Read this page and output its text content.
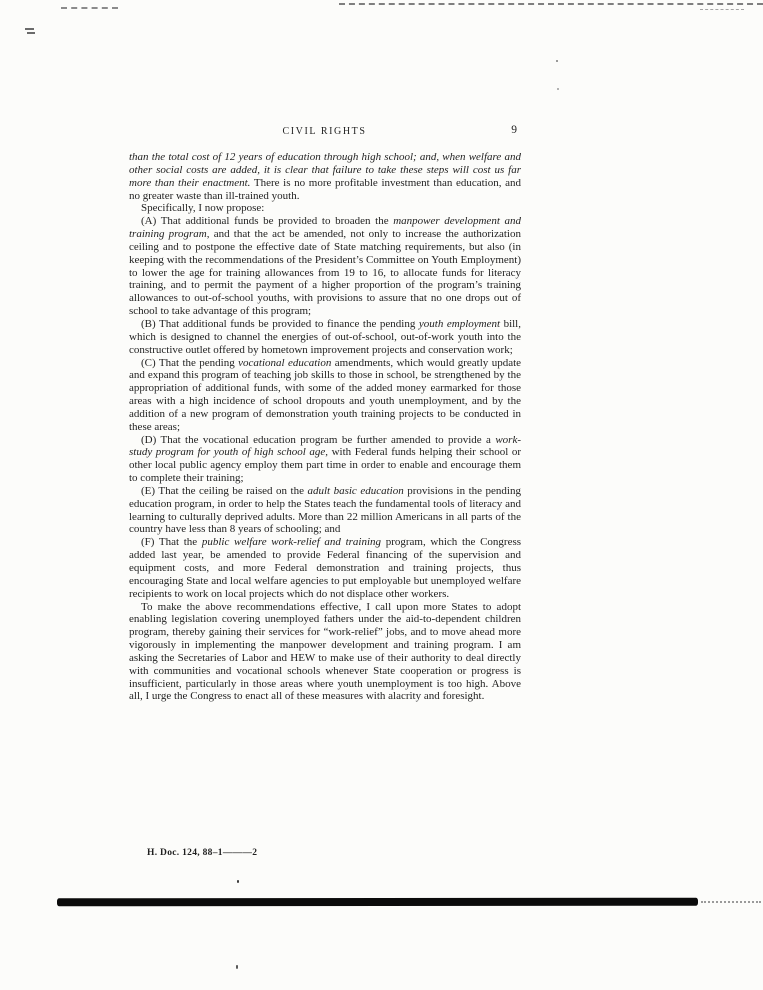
CIVIL RIGHTS	9

than the total cost of 12 years of education through high school; and, when welfare and other social costs are added, it is clear that failure to take these steps will cost us far more than their enactment. There is no more profitable investment than education, and no greater waste than ill-trained youth.

Specifically, I now propose:

(A) That additional funds be provided to broaden the manpower development and training program, and that the act be amended, not only to increase the authorization ceiling and to postpone the effective date of State matching requirements, but also (in keeping with the recommendations of the President’s Committee on Youth Employment) to lower the age for training allowances from 19 to 16, to allocate funds for literacy training, and to permit the payment of a higher proportion of the program’s training allowances to out-of-school youths, with provisions to assure that no one drops out of school to take advantage of this program;

(B) That additional funds be provided to finance the pending youth employment bill, which is designed to channel the energies of out-of-school, out-of-work youth into the constructive outlet offered by hometown improvement projects and conservation work;

(C) That the pending vocational education amendments, which would greatly update and expand this program of teaching job skills to those in school, be strengthened by the appropriation of additional funds, with some of the added money earmarked for those areas with a high incidence of school dropouts and youth unemployment, and by the addition of a new program of demonstration youth training projects to be conducted in these areas;

(D) That the vocational education program be further amended to provide a work-study program for youth of high school age, with Federal funds helping their school or other local public agency employ them part time in order to enable and encourage them to complete their training;

(E) That the ceiling be raised on the adult basic education provisions in the pending education program, in order to help the States teach the fundamental tools of literacy and learning to culturally deprived adults. More than 22 million Americans in all parts of the country have less than 8 years of schooling; and

(F) That the public welfare work-relief and training program, which the Congress added last year, be amended to provide Federal financing of the supervision and equipment costs, and more Federal demonstration and training projects, thus encouraging State and local welfare agencies to put employable but unemployed welfare recipients to work on local projects which do not displace other workers.

To make the above recommendations effective, I call upon more States to adopt enabling legislation covering unemployed fathers under the aid-to-dependent children program, thereby gaining their services for “work-relief” jobs, and to move ahead more vigorously in implementing the manpower development and training program. I am asking the Secretaries of Labor and HEW to make use of their authority to deal directly with communities and vocational schools whenever State cooperation or progress is insufficient, particularly in those areas where youth unemployment is too high. Above all, I urge the Congress to enact all of these measures with alacrity and foresight.

H. Doc. 124, 88–1———2
